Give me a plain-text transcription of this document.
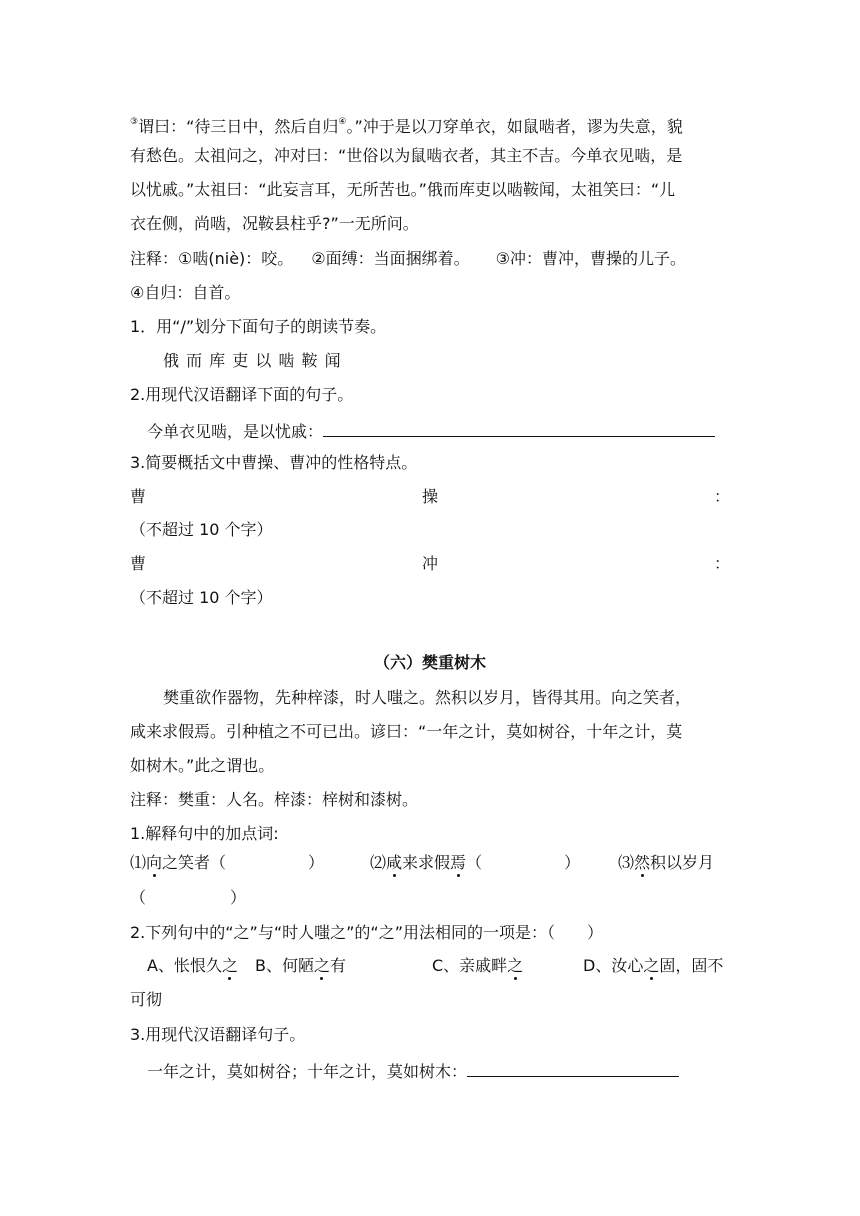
③谓曰：“待三日中，然后自归④。”冲于是以刀穿单衣，如鼠啮者，谬为失意，貌
有愁色。太祖问之，冲对曰：“世俗以为鼠啮衣者，其主不吉。今单衣见啮，是
以忧戚。”太祖曰：“此妄言耳，无所苦也。”俄而库吏以啮鞍闻，太祖笑曰：“儿
衣在侧，尚啮，况鞍县柱乎?”一无所问。
注释：①啮(niè)：咬。 ②面缚：当面捆绑着。 ③冲：曹冲，曹操的儿子。
④自归：自首。
1．用“/”划分下面句子的朗读节奏。
俄 而 库 吏 以 啮 鞍 闻
2.用现代汉语翻译下面的句子。
今单衣见啮，是以忧戚：
3.简要概括文中曹操、曹冲的性格特点。
曹	操	：
（不超过 10 个字）
曹	冲	：
（不超过 10 个字）
（六）樊重树木
樊重欲作器物，先种梓漆，时人嗤之。然积以岁月，皆得其用。向之笑者，
咸来求假焉。引种植之不可已出。谚曰：“一年之计，莫如树谷，十年之计，莫
如树木。”此之谓也。
注释：樊重：人名。梓漆：梓树和漆树。
1.解释句中的加点词:
⑴向之笑者（	）	⑵咸来求假焉（	） ⑶然积以岁月
（	）
2.下列句中的“之”与“时人嗤之”的“之”用法相同的一项是：（　　）
A、怅恨久之 B、何陋之有	C、亲戚畔之	D、汝心之固，固不
可彻
3.用现代汉语翻译句子。
一年之计，莫如树谷；十年之计，莫如树木：
